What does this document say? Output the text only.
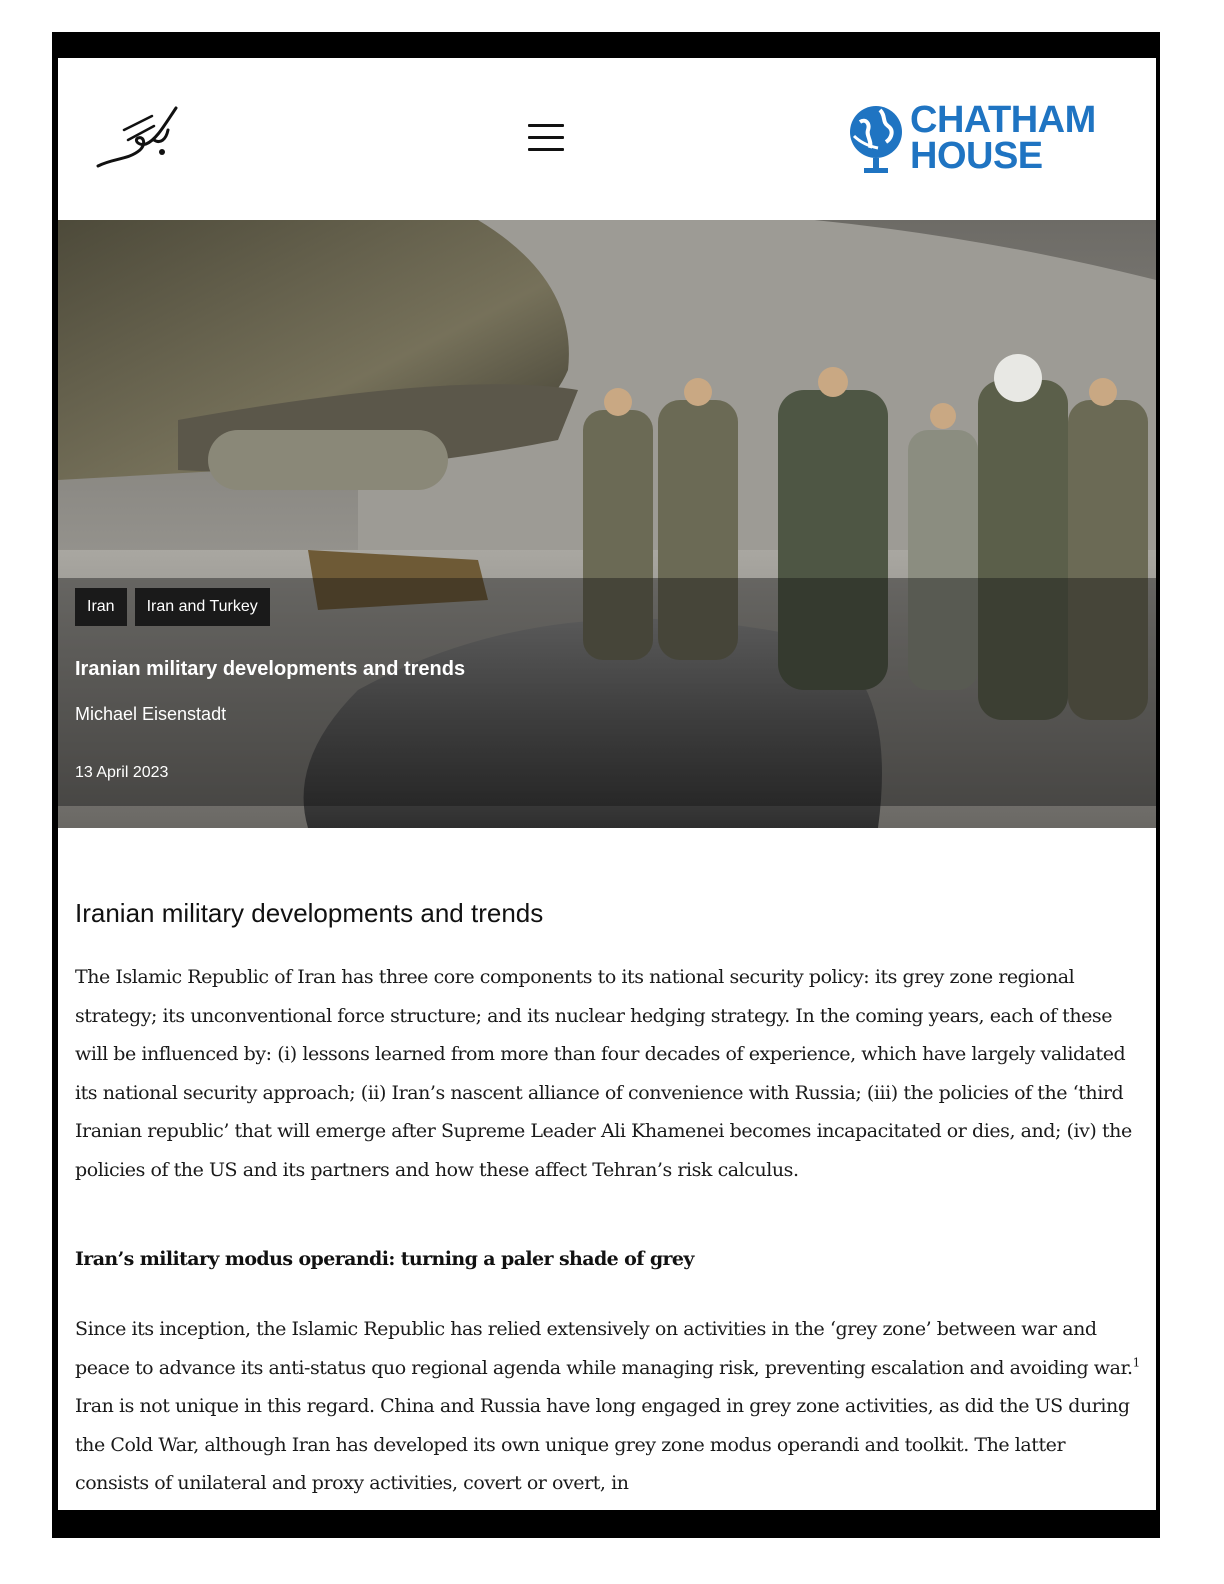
CHATHAM
HOUSE
Iran	Iran and Turkey
Iranian military developments and trends
Michael Eisenstadt
13 April 2023
Iranian military developments and trends

The Islamic Republic of Iran has three core components to its national security policy: its grey zone regional strategy; its unconventional force structure; and its nuclear hedging strategy. In the coming years, each of these will be influenced by: (i) lessons learned from more than four decades of experience, which have largely validated its national security approach; (ii) Iran’s nascent alliance of convenience with Russia; (iii) the policies of the ‘third Iranian republic’ that will emerge after Supreme Leader Ali Khamenei becomes incapacitated or dies, and; (iv) the policies of the US and its partners and how these affect Tehran’s risk calculus.

Iran’s military modus operandi: turning a paler shade of grey

Since its inception, the Islamic Republic has relied extensively on activities in the ‘grey zone’ between war and peace to advance its anti-status quo regional agenda while managing risk, preventing escalation and avoiding war.$^1$ Iran is not unique in this regard. China and Russia have long engaged in grey zone activities, as did the US during the Cold War, although Iran has developed its own unique grey zone modus operandi and toolkit. The latter consists of unilateral and proxy activities, covert or overt, in
